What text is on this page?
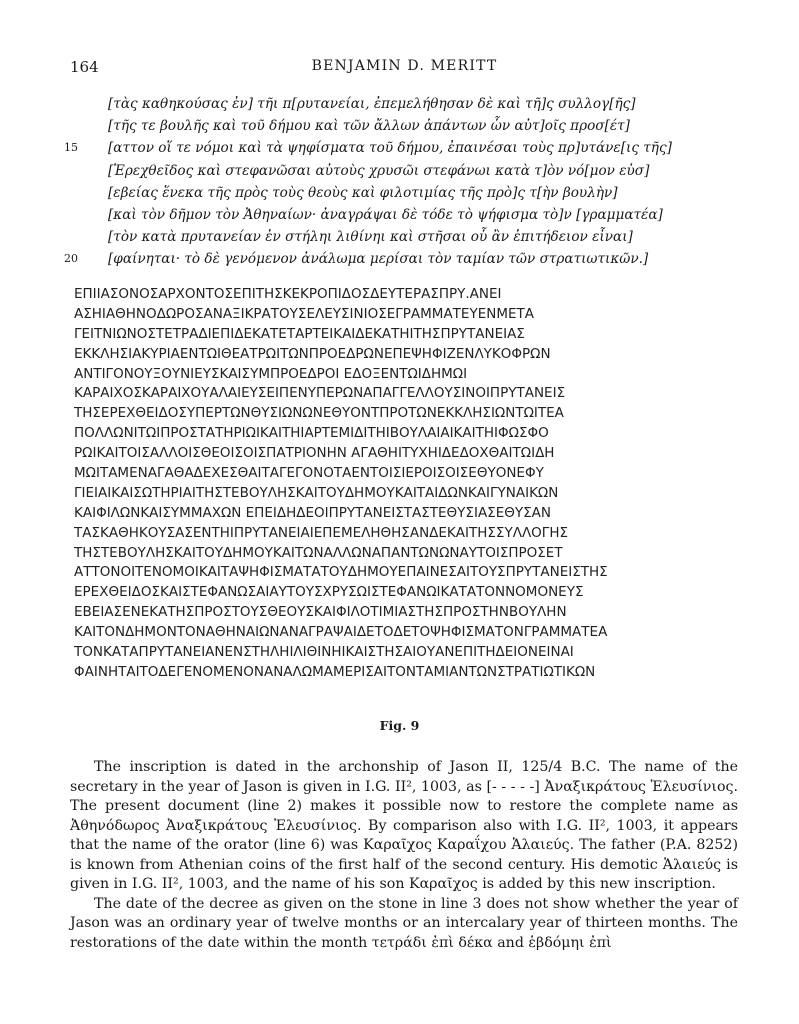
164	BENJAMIN D. MERITT
[τὰς καθηκούσας ἐν] τῆι π[ρυτανείαι, ἐπεμελήθησαν δὲ καὶ τῆ]ς συλλογ[ῆς]
[τῆς τε βουλῆς καὶ τοῦ δήμου καὶ τῶν ἄλλων ἁπάντων ὧν αὐτ]οῖς προσ[έτ]
15 [αττον οἵ τε νόμοι καὶ τὰ ψηφίσματα τοῦ δήμου, ἐπαινέσαι τοὺς πρ]υτάνε[ις τῆς]
[Ἐρεχθεῖδος καὶ στεφανῶσαι αὐτοὺς χρυσῶι στεφάνωι κατὰ τ]ὸν νό[μον εὐσ]
[εβείας ἕνεκα τῆς πρὸς τοὺς θεοὺς καὶ φιλοτιμίας τῆς πρὸ]ς τ[ὴν βουλὴν]
[καὶ τὸν δῆμον τὸν Ἀθηναίων· ἀναγράψαι δὲ τόδε τὸ ψήφισμα τὸ]ν [γραμματέα]
[τὸν κατὰ πρυτανείαν ἐν στήληι λιθίνηι καὶ στῆσαι οὗ ἂν ἐπιτήδειον εἶναι]
20 [φαίνηται· τὸ δὲ γενόμενον ἀνάλωμα μερίσαι τὸν ταμίαν τῶν στρατιωτικῶν.]
ΕΠΙΙΑΣΟΝΟΣΑΡΧΟΝΤΟΣΕΠΙΤΗΣΚΕΚΡΟΠΙΔΟΣΔΕΥΤΕΡΑΣΠΡΥ.ΑΝΕΙ
ΑΣΗΙΑΘΗΝΟΔΩΡΟΣΑΝΑΞΙΚΡΑΤΟΥΣΕΛΕΥΣΙΝΙΟΣΕΓΡΑΜΜΑΤΕΥΕΝΜΕΤΑ
ΓΕΙΤΝΙΩΝΟΣΤΕΤΡΑΔΙΕΠΙΔΕΚΑΤΕΤΑΡΤΕΙΚΑΙΔΕΚΑΤΗΙΤΗΣΠΡΥΤΑΝΕΙΑΣ
ΕΚΚΛΗΣΙΑΚΥΡΙΑΕΝΤΩΙΘΕΑΤΡΩΙΤΩΝΠΡΟΕΔΡΩΝΕΠΕΨΗΦΙΖΕΝΛΥΚΟΦΡΩΝ
ΑΝΤΙΓΟΝΟΥΞΟΥΝΙΕΥΣΚΑΙΣΥΜΠΡΟΕΔΡΟΙ ΕΔΟΞΕΝΤΩΙΔΗΜΩΙ
ΚΑΡΑΙΧΟΣΚΑΡΑΙΧΟΥΑΛΑΙΕΥΣΕΙΠΕΝΥΠΕΡΩΝΑΠΑΓΓΕΛΛΟΥΣΙΝΟΙΠΡΥΤΑΝΕΙΣ
ΤΗΣΕΡΕΧΘΕΙΔΟΣΥΠΕΡΤΩΝΘΥΣΙΩΝΩΝΕΘΥΟΝΤΠΡΟΤΩΝΕΚΚΛΗΣΙΩΝΤΩΙΤΕΑ
ΠΟΛΛΩΝΙΤΩΙΠΡΟΣΤΑΤΗΡΙΩΙΚΑΙΤΗΙΑΡΤΕΜΙΔΙΤΗΙΒΟΥΛΑΙΑΙΚΑΙΤΗΙΦΩΣΦΟ
ΡΩΙΚΑΙΤΟΙΣΑΛΛΟΙΣΘΕΟΙΣΟΙΣΠΑΤΡΙΟΝΗΝ ΑΓΑΘΗΙΤΥΧΗΙΔΕΔΟΧΘΑΙΤΩΙΔΗ
ΜΩΙΤΑΜΕΝΑΓΑΘΑΔΕΧΕΣΘΑΙΤΑΓΕΓΟΝΟΤΑΕΝΤΟΙΣΙΕΡΟΙΣΟΙΣΕΘΥΟΝΕΦΥ
ΓΙΕΙΑΙΚΑΙΣΩΤΗΡΙΑΙΤΗΣΤΕΒΟΥΛΗΣΚΑΙΤΟΥΔΗΜΟΥΚΑΙΤΑΙΔΩΝΚΑΙΓΥΝΑΙΚΩΝ
ΚΑΙΦΙΛΩΝΚΑΙΣΥΜΜΑΧΩΝ ΕΠΕΙΔΗΔΕΟΙΠΡΥΤΑΝΕΙΣΤΑΣΤΕΘΥΣΙΑΣΕΘΥΣΑΝ
ΤΑΣΚΑΘΗΚΟΥΣΑΣΕΝΤΗΙΠΡΥΤΑΝΕΙΑΙΕΠΕΜΕΛΗΘΗΣΑΝΔΕΚΑΙΤΗΣΣΥΛΛΟΓΗΣ
ΤΗΣΤΕΒΟΥΛΗΣΚΑΙΤΟΥΔΗΜΟΥΚΑΙΤΩΝΑΛΛΩΝΑΠΑΝΤΩΝΩΝΑΥΤΟΙΣΠΡΟΣΕΤ
ΑΤΤΟΝΟΙΤΕΝΟΜΟΙΚΑΙΤΑΨΗΦΙΣΜΑΤΑΤΟΥΔΗΜΟΥΕΠΑΙΝΕΣΑΙΤΟΥΣΠΡΥΤΑΝΕΙΣΤΗΣ
ΕΡΕΧΘΕΙΔΟΣΚΑΙΣΤΕΦΑΝΩΣΑΙΑΥΤΟΥΣΧΡΥΣΩΙΣΤΕΦΑΝΩΙΚΑΤΑΤΟΝΝΟΜΟΝΕΥΣ
ΕΒΕΙΑΣΕΝΕΚΑΤΗΣΠΡΟΣΤΟΥΣΘΕΟΥΣΚΑΙΦΙΛΟΤΙΜΙΑΣΤΗΣΠΡΟΣΤΗΝΒΟΥΛΗΝ
ΚΑΙΤΟΝΔΗΜΟΝΤΟΝΑΘΗΝΑΙΩΝΑΝΑΓΡΑΨΑΙΔΕΤΟΔΕΤΟΨΗΦΙΣΜΑΤΟΝΓΡΑΜΜΑΤΕΑ
ΤΟΝΚΑΤΑΠΡΥΤΑΝΕΙΑΝΕΝΣΤΗΛΗΙΛΙΘΙΝΗΙΚΑΙΣΤΗΣΑΙΟΥΑΝΕΠΙΤΗΔΕΙΟΝΕΙΝΑΙ
ΦΑΙΝΗΤΑΙΤΟΔΕΓΕΝΟΜΕΝΟΝΑΝΑΛΩΜΑΜΕΡΙΣΑΙΤΟΝΤΑΜΙΑΝΤΩΝΣΤΡΑΤΙΩΤΙΚΩΝ
Fig. 9

The inscription is dated in the archonship of Jason II, 125/4 B.C. The name of the secretary in the year of Jason is given in I.G. II², 1003, as [- - - - -] Ἀναξικράτους Ἐλευσίνιος. The present document (line 2) makes it possible now to restore the complete name as Ἀθηνόδωρος Ἀναξικράτους Ἐλευσίνιος. By comparison also with I.G. II², 1003, it appears that the name of the orator (line 6) was Καραῖχος Καραΐχου Ἁλαιεύς. The father (P.A. 8252) is known from Athenian coins of the first half of the second century. His demotic Ἁλαιεύς is given in I.G. II², 1003, and the name of his son Καραῖχος is added by this new inscription.

The date of the decree as given on the stone in line 3 does not show whether the year of Jason was an ordinary year of twelve months or an intercalary year of thirteen months. The restorations of the date within the month τετράδι ἐπὶ δέκα and ἑβδόμηι ἐπὶ
